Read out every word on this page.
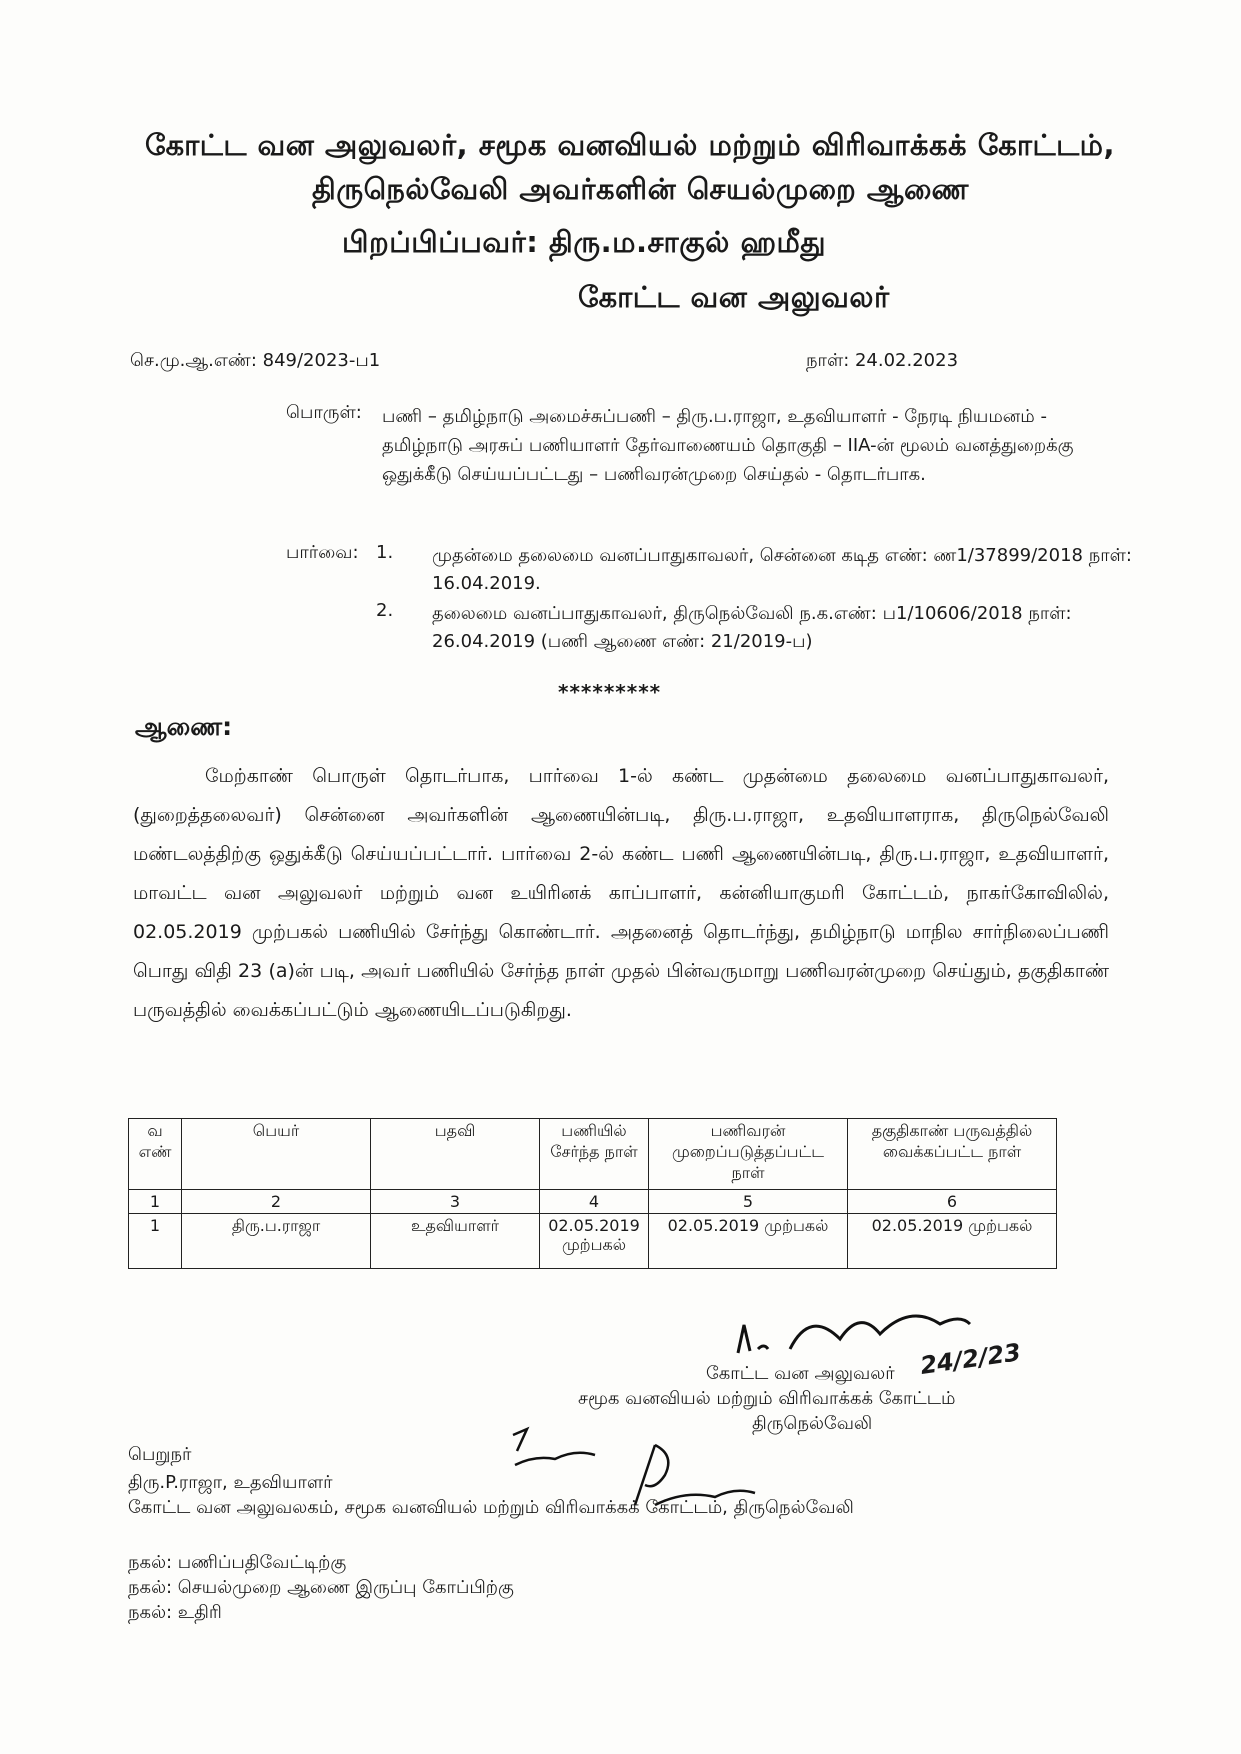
கோட்ட வன அலுவலர், சமூக வனவியல் மற்றும் விரிவாக்கக் கோட்டம்,
திருநெல்வேலி அவர்களின் செயல்முறை ஆணை
பிறப்பிப்பவர்: திரு.ம.சாகுல் ஹமீது
கோட்ட வன அலுவலர்
செ.மு.ஆ.எண்: 849/2023-ப1	நாள்: 24.02.2023
பொருள்: பணி – தமிழ்நாடு அமைச்சுப்பணி – திரு.ப.ராஜா, உதவியாளர் - நேரடி நியமனம் - தமிழ்நாடு அரசுப் பணியாளர் தேர்வாணையம் தொகுதி – IIA-ன் மூலம் வனத்துறைக்கு ஒதுக்கீடு செய்யப்பட்டது – பணிவரன்முறை செய்தல் - தொடர்பாக.
பார்வை: 1. முதன்மை தலைமை வனப்பாதுகாவலர், சென்னை கடித எண்: ண1/37899/2018 நாள்: 16.04.2019.
2. தலைமை வனப்பாதுகாவலர், திருநெல்வேலி ந.க.எண்: ப1/10606/2018 நாள்: 26.04.2019 (பணி ஆணை எண்: 21/2019-ப)
*********
ஆணை:
மேற்காண் பொருள் தொடர்பாக, பார்வை 1-ல் கண்ட முதன்மை தலைமை வனப்பாதுகாவலர், (துறைத்தலைவர்) சென்னை அவர்களின் ஆணையின்படி, திரு.ப.ராஜா, உதவியாளராக, திருநெல்வேலி மண்டலத்திற்கு ஒதுக்கீடு செய்யப்பட்டார். பார்வை 2-ல் கண்ட பணி ஆணையின்படி, திரு.ப.ராஜா, உதவியாளர், மாவட்ட வன அலுவலர் மற்றும் வன உயிரினக் காப்பாளர், கன்னியாகுமரி கோட்டம், நாகர்கோவிலில், 02.05.2019 முற்பகல் பணியில் சேர்ந்து கொண்டார். அதனைத் தொடர்ந்து, தமிழ்நாடு மாநில சார்நிலைப்பணி பொது விதி 23 (a)ன் படி, அவர் பணியில் சேர்ந்த நாள் முதல் பின்வருமாறு பணிவரன்முறை செய்தும், தகுதிகாண் பருவத்தில் வைக்கப்பட்டும் ஆணையிடப்படுகிறது.
வ எண்	பெயர்	பதவி	பணியில் சேர்ந்த நாள்	பணிவரன் முறைப்படுத்தப்பட்ட நாள்	தகுதிகாண் பருவத்தில் வைக்கப்பட்ட நாள்
1	2	3	4	5	6
1	திரு.ப.ராஜா	உதவியாளர்	02.05.2019 முற்பகல்	02.05.2019 முற்பகல்	02.05.2019 முற்பகல்
24/2/23
கோட்ட வன அலுவலர்
சமூக வனவியல் மற்றும் விரிவாக்கக் கோட்டம்
திருநெல்வேலி
பெறுநர்
திரு.P.ராஜா, உதவியாளர்
கோட்ட வன அலுவலகம், சமூக வனவியல் மற்றும் விரிவாக்கக் கோட்டம், திருநெல்வேலி
நகல்: பணிப்பதிவேட்டிற்கு
நகல்: செயல்முறை ஆணை இருப்பு கோப்பிற்கு
நகல்: உதிரி
